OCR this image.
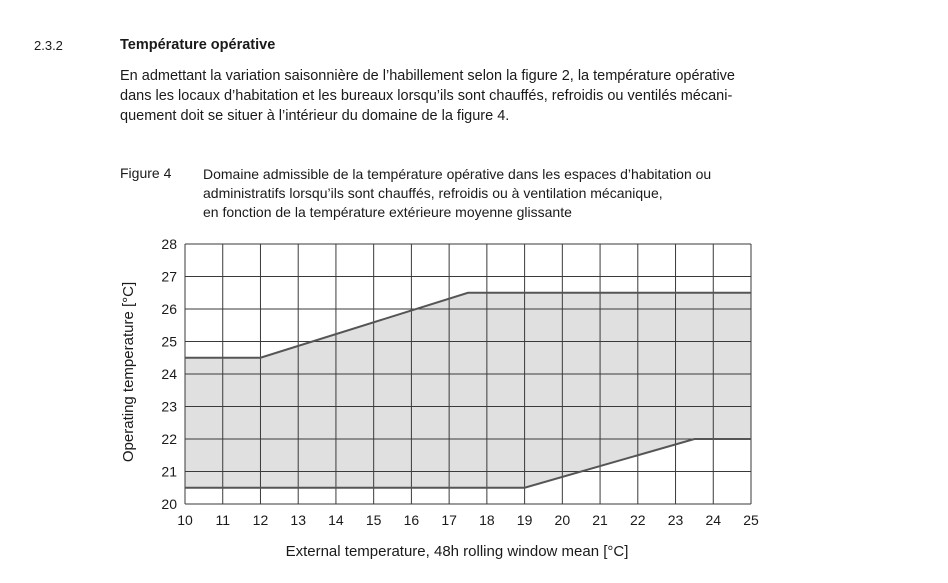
2.3.2	Température opérative

En admettant la variation saisonnière de l’habillement selon la figure 2, la température opérative
dans les locaux d’habitation et les bureaux lorsqu’ils sont chauffés, refroidis ou ventilés mécani-
quement doit se situer à l’intérieur du domaine de la figure 4.

Figure 4 Domaine admissible de la température opérative dans les espaces d’habitation ou
administratifs lorsqu’ils sont chauffés, refroidis ou à ventilation mécanique,
en fonction de la température extérieure moyenne glissante

10 11 12 13 14 15 16 17 18 19 20 21 22 23 24 25
20
21
22
23
24
25
26
27
28
External temperature, 48h rolling window mean [°C]
Operating temperature [°C]
